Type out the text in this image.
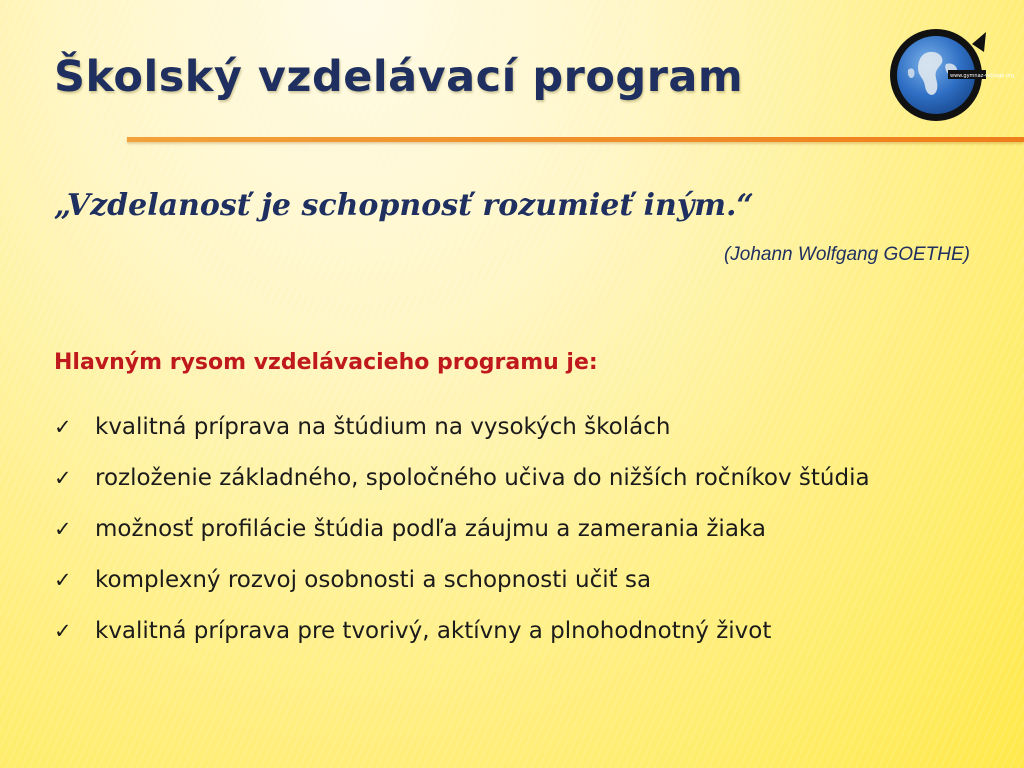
Školský vzdelávací program	www.gymnaz-velsage.org
„Vzdelanosť je schopnosť rozumieť iným.“
(Johann Wolfgang GOETHE)
Hlavným rysom vzdelávacieho programu je:
✓ kvalitná príprava na štúdium na vysokých školách
✓ rozloženie základného, spoločného učiva do nižších ročníkov štúdia
✓ možnosť profilácie štúdia podľa záujmu a zamerania žiaka
✓ komplexný rozvoj osobnosti a schopnosti učiť sa
✓ kvalitná príprava pre tvorivý, aktívny a plnohodnotný život
